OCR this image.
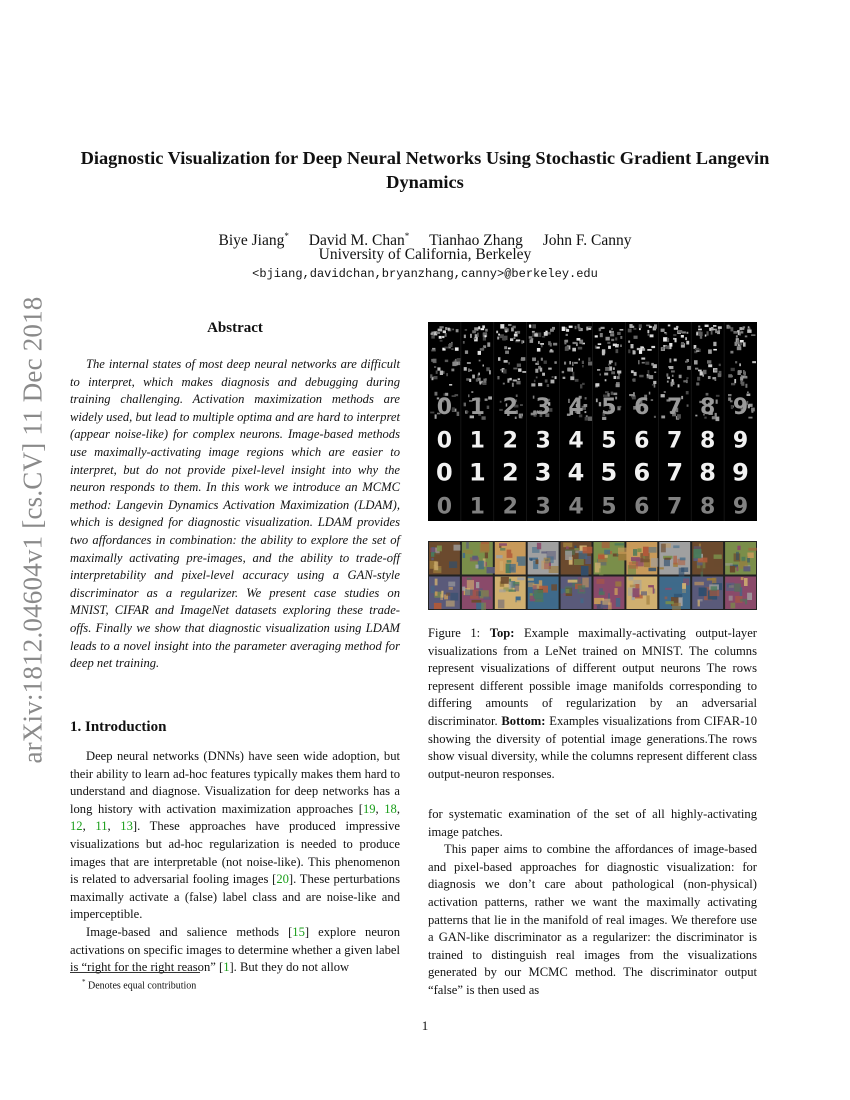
arXiv:1812.04604v1 [cs.CV] 11 Dec 2018
Diagnostic Visualization for Deep Neural Networks Using Stochastic Gradient Langevin Dynamics
Biye Jiang* David M. Chan* Tianhao Zhang John F. Canny
University of California, Berkeley
<bjiang,davidchan,bryanzhang,canny>@berkeley.edu
Abstract

The internal states of most deep neural networks are difficult to interpret, which makes diagnosis and debugging during training challenging. Activation maximization methods are widely used, but lead to multiple optima and are hard to interpret (appear noise-like) for complex neurons. Image-based methods use maximally-activating image regions which are easier to interpret, but do not provide pixel-level insight into why the neuron responds to them. In this work we introduce an MCMC method: Langevin Dynamics Activation Maximization (LDAM), which is designed for diagnostic visualization. LDAM provides two affordances in combination: the ability to explore the set of maximally activating pre-images, and the ability to trade-off interpretability and pixel-level accuracy using a GAN-style discriminator as a regularizer. We present case studies on MNIST, CIFAR and ImageNet datasets exploring these trade-offs. Finally we show that diagnostic visualization using LDAM leads to a novel insight into the parameter averaging method for deep net training.

1. Introduction

Deep neural networks (DNNs) have seen wide adoption, but their ability to learn ad-hoc features typically makes them hard to understand and diagnose. Visualization for deep networks has a long history with activation maximization approaches [19, 18, 12, 11, 13]. These approaches have produced impressive visualizations but ad-hoc regularization is needed to produce images that are interpretable (not noise-like). This phenomenon is related to adversarial fooling images [20]. These perturbations maximally activate a (false) label class and are noise-like and imperceptible.

Image-based and salience methods [15] explore neuron activations on specific images to determine whether a given label is “right for the right reason” [1]. But they do not allow

* Denotes equal contribution
0 1 2 3 4 5 6 7 8 9
0 1 2 3 4 5 6 7 8 9
0 1 2 3 4 5 6 7 8 9
0 1 2 3 4 5 6 7 8 9
Figure 1: Top: Example maximally-activating output-layer visualizations from a LeNet trained on MNIST. The columns represent visualizations of different output neurons The rows represent different possible image manifolds corresponding to differing amounts of regularization by an adversarial discriminator. Bottom: Examples visualizations from CIFAR-10 showing the diversity of potential image generations.The rows show visual diversity, while the columns represent different class output-neuron responses.

for systematic examination of the set of all highly-activating image patches.

This paper aims to combine the affordances of image-based and pixel-based approaches for diagnostic visualization: for diagnosis we don’t care about pathological (non-physical) activation patterns, rather we want the maximally activating patterns that lie in the manifold of real images. We therefore use a GAN-like discriminator as a regularizer: the discriminator is trained to distinguish real images from the visualizations generated by our MCMC method. The discriminator output “false” is then used as

1
